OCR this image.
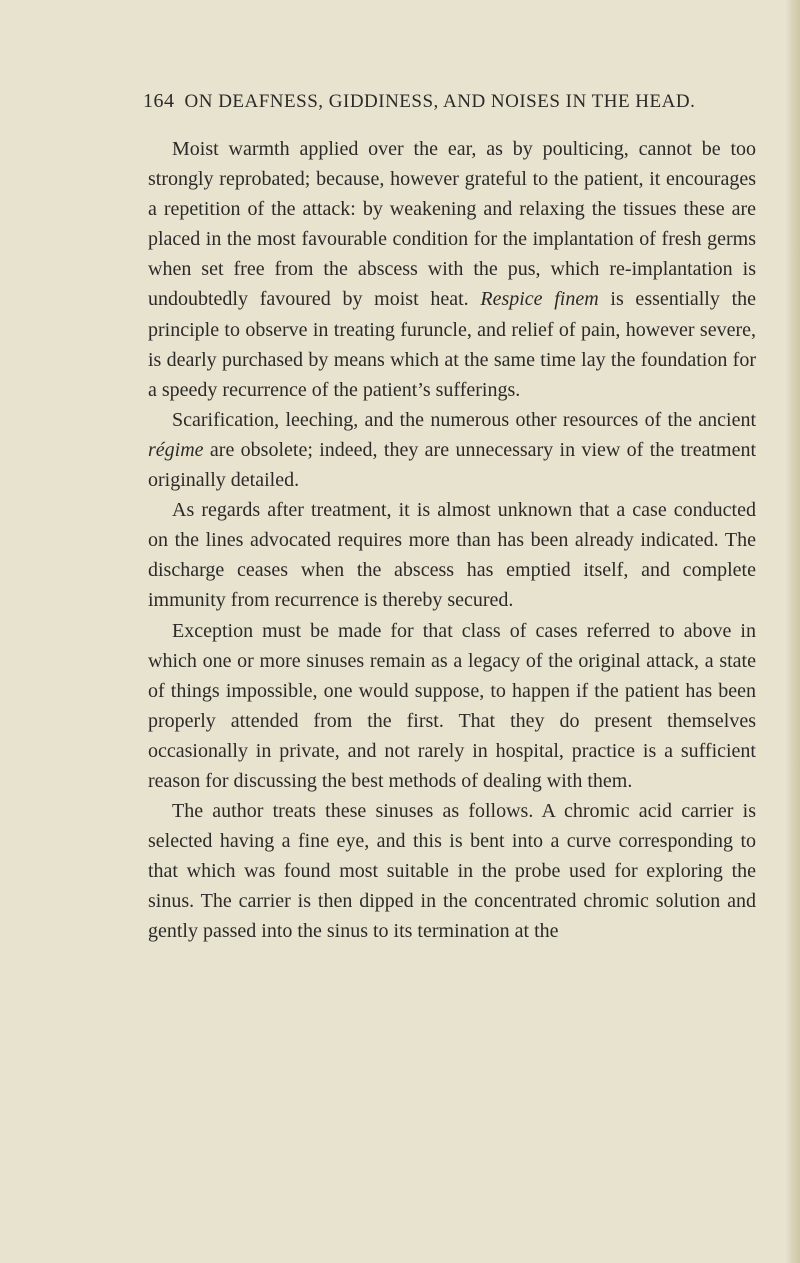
164 ON DEAFNESS, GIDDINESS, AND NOISES IN THE HEAD.

Moist warmth applied over the ear, as by poulticing, cannot be too strongly reprobated; because, however grateful to the patient, it encourages a repetition of the attack: by weakening and relaxing the tissues these are placed in the most favourable condition for the implantation of fresh germs when set free from the abscess with the pus, which re-implantation is undoubtedly favoured by moist heat. Respice finem is essentially the principle to observe in treating furuncle, and relief of pain, however severe, is dearly purchased by means which at the same time lay the foundation for a speedy recurrence of the patient’s sufferings.

Scarification, leeching, and the numerous other resources of the ancient régime are obsolete; indeed, they are unnecessary in view of the treatment originally detailed.

As regards after treatment, it is almost unknown that a case conducted on the lines advocated requires more than has been already indicated. The discharge ceases when the abscess has emptied itself, and complete immunity from recurrence is thereby secured.

Exception must be made for that class of cases referred to above in which one or more sinuses remain as a legacy of the original attack, a state of things impossible, one would suppose, to happen if the patient has been properly attended from the first. That they do present themselves occasionally in private, and not rarely in hospital, practice is a sufficient reason for discussing the best methods of dealing with them.

The author treats these sinuses as follows. A chromic acid carrier is selected having a fine eye, and this is bent into a curve corresponding to that which was found most suitable in the probe used for exploring the sinus. The carrier is then dipped in the concentrated chromic solution and gently passed into the sinus to its termination at the
